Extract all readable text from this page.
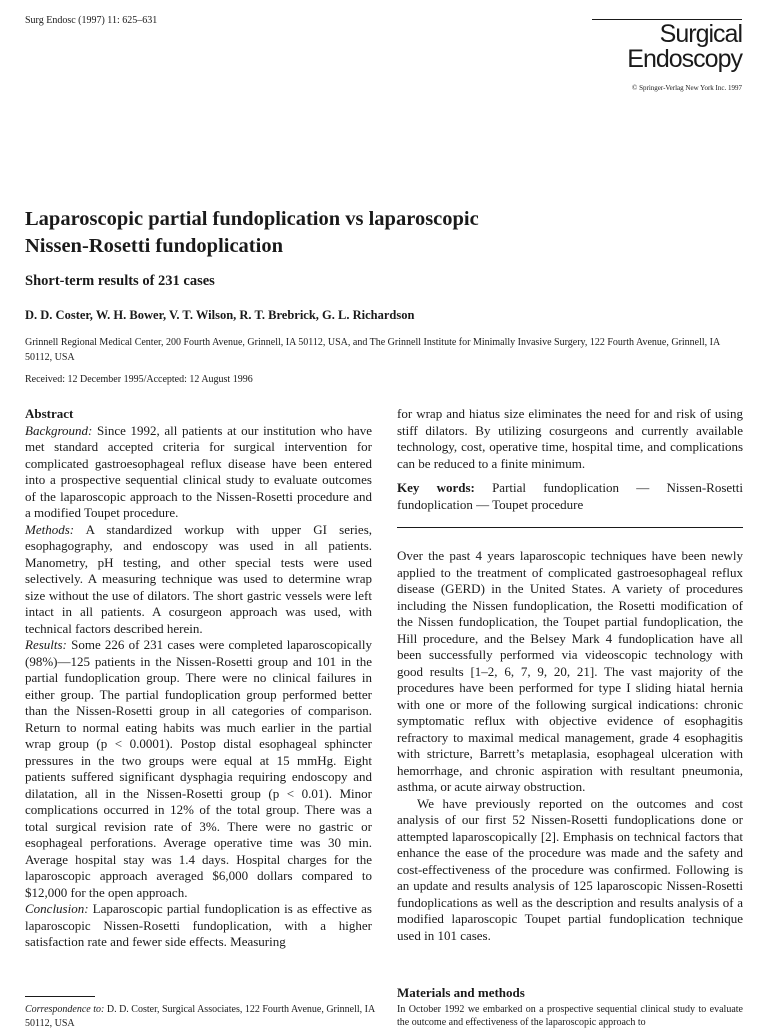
Surg Endosc (1997) 11: 625–631	Surgical
Endoscopy
© Springer-Verlag New York Inc. 1997
Laparoscopic partial fundoplication vs laparoscopic
Nissen-Rosetti fundoplication
Short-term results of 231 cases
D. D. Coster, W. H. Bower, V. T. Wilson, R. T. Brebrick, G. L. Richardson
Grinnell Regional Medical Center, 200 Fourth Avenue, Grinnell, IA 50112, USA, and The Grinnell Institute for Minimally Invasive Surgery, 122 Fourth Avenue, Grinnell, IA 50112, USA
Received: 12 December 1995/Accepted: 12 August 1996

Abstract

Background: Since 1992, all patients at our institution who have met standard accepted criteria for surgical intervention for complicated gastroesophageal reflux disease have been entered into a prospective sequential clinical study to evaluate outcomes of the laparoscopic approach to the Nissen-Rosetti procedure and a modified Toupet procedure.

Methods: A standardized workup with upper GI series, esophagography, and endoscopy was used in all patients. Manometry, pH testing, and other special tests were used selectively. A measuring technique was used to determine wrap size without the use of dilators. The short gastric vessels were left intact in all patients. A cosurgeon approach was used, with technical factors described herein.

Results: Some 226 of 231 cases were completed laparoscopically (98%)—125 patients in the Nissen-Rosetti group and 101 in the partial fundoplication group. There were no clinical failures in either group. The partial fundoplication group performed better than the Nissen-Rosetti group in all categories of comparison. Return to normal eating habits was much earlier in the partial wrap group (p < 0.0001). Postop distal esophageal sphincter pressures in the two groups were equal at 15 mmHg. Eight patients suffered significant dysphagia requiring endoscopy and dilatation, all in the Nissen-Rosetti group (p < 0.01). Minor complications occurred in 12% of the total group. There was a total surgical revision rate of 3%. There were no gastric or esophageal perforations. Average operative time was 30 min. Average hospital stay was 1.4 days. Hospital charges for the laparoscopic approach averaged $6,000 dollars compared to $12,000 for the open approach.

Conclusion: Laparoscopic partial fundoplication is as effective as laparoscopic Nissen-Rosetti fundoplication, with a higher satisfaction rate and fewer side effects. Measuring

for wrap and hiatus size eliminates the need for and risk of using stiff dilators. By utilizing cosurgeons and currently available technology, cost, operative time, hospital time, and complications can be reduced to a finite minimum.

Key words: Partial fundoplication — Nissen-Rosetti fundoplication — Toupet procedure

Over the past 4 years laparoscopic techniques have been newly applied to the treatment of complicated gastroesophageal reflux disease (GERD) in the United States. A variety of procedures including the Nissen fundoplication, the Rosetti modification of the Nissen fundoplication, the Toupet partial fundoplication, the Hill procedure, and the Belsey Mark 4 fundoplication have all been successfully performed via videoscopic technology with good results [1–2, 6, 7, 9, 20, 21]. The vast majority of the procedures have been performed for type I sliding hiatal hernia with one or more of the following surgical indications: chronic symptomatic reflux with objective evidence of esophagitis refractory to maximal medical management, grade 4 esophagitis with stricture, Barrett’s metaplasia, esophageal ulceration with hemorrhage, and chronic aspiration with resultant pneumonia, asthma, or acute airway obstruction.

We have previously reported on the outcomes and cost analysis of our first 52 Nissen-Rosetti fundoplications done or attempted laparoscopically [2]. Emphasis on technical factors that enhance the ease of the procedure was made and the safety and cost-effectiveness of the procedure was confirmed. Following is an update and results analysis of 125 laparoscopic Nissen-Rosetti fundoplications as well as the description and results analysis of a modified laparoscopic Toupet partial fundoplication technique used in 101 cases.

Materials and methods
In October 1992 we embarked on a prospective sequential clinical study to evaluate the outcome and effectiveness of the laparoscopic approach to
Correspondence to: D. D. Coster, Surgical Associates, 122 Fourth Avenue, Grinnell, IA 50112, USA
